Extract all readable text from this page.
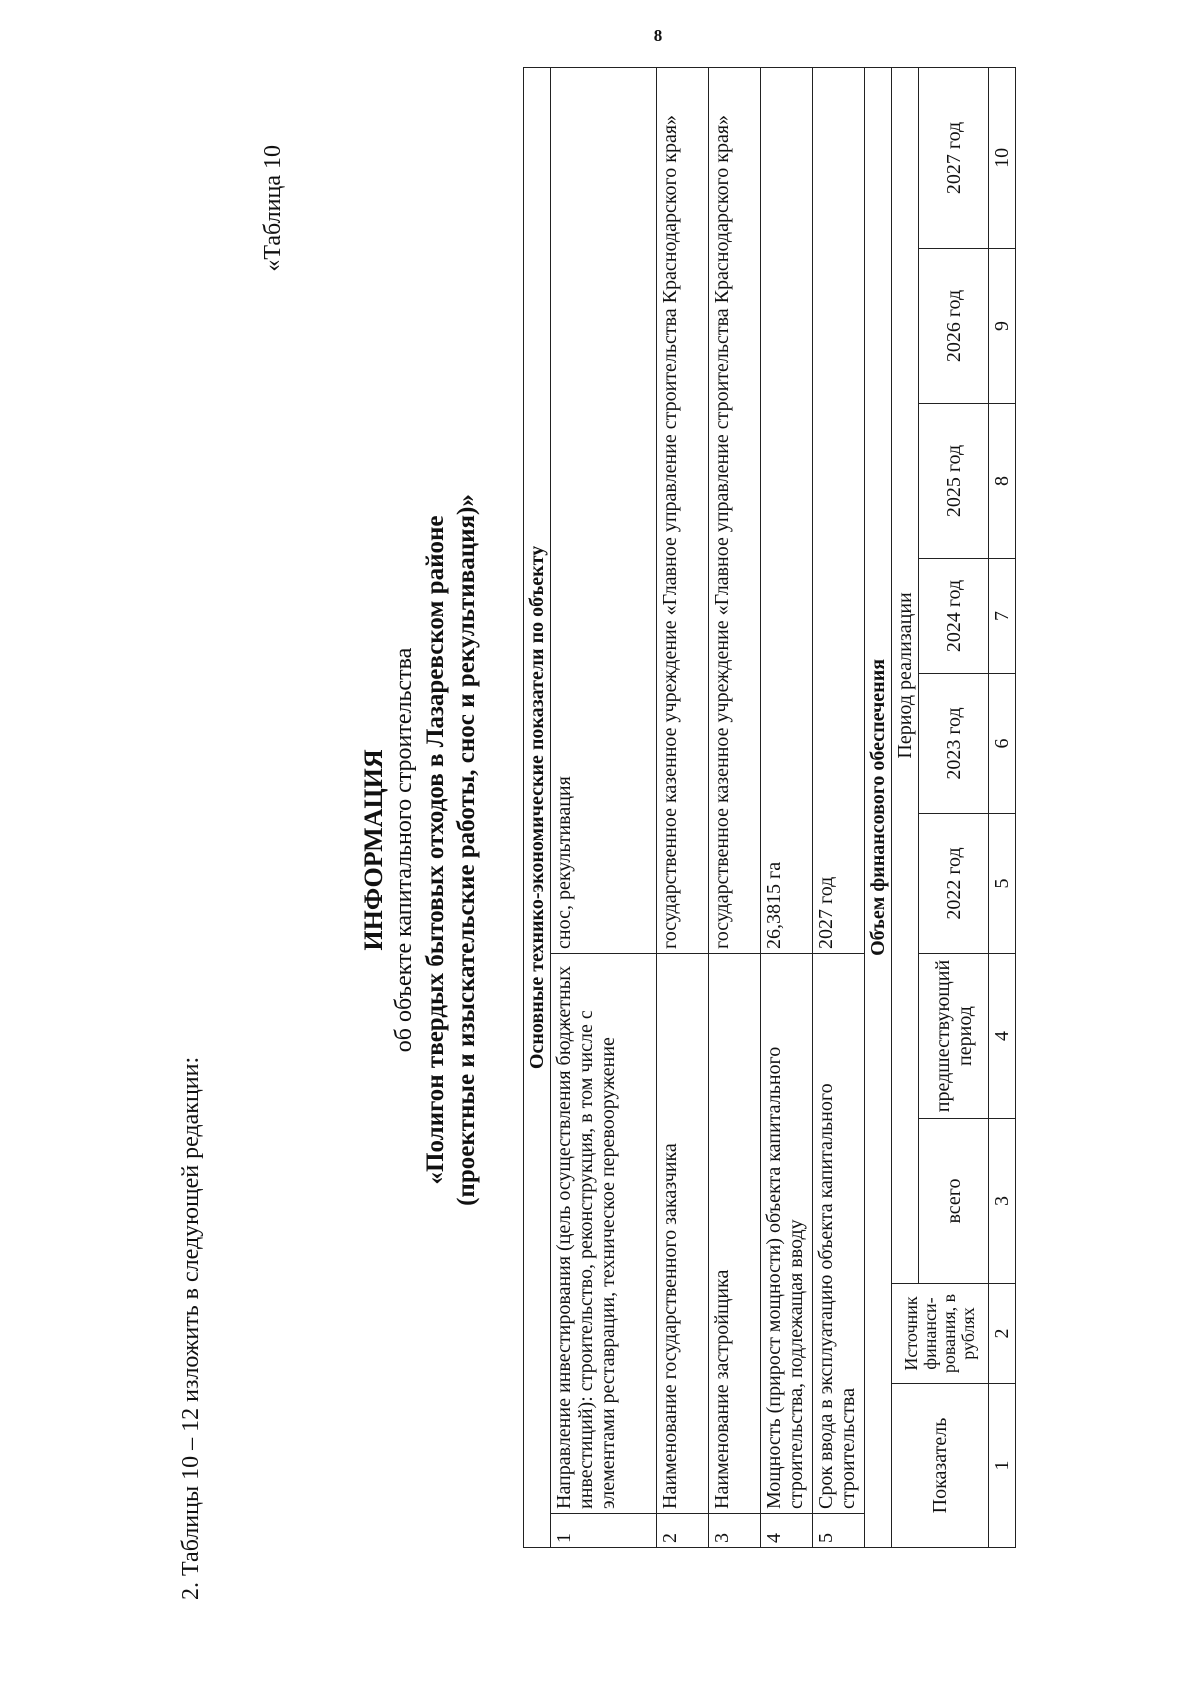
8
2. Таблицы 10 – 12 изложить в следующей редакции:
«Таблица 10
ИНФОРМАЦИЯ об объекте капитального строительства «Полигон твердых бытовых отходов в Лазаревском районе (проектные и изыскательские работы, снос и рекультивация)» Основные технико-экономические показатели по объекту										
1	Направление инвестирования (цель осуществления бюджетных инвестиций): строительство, реконструкция, в том числе с элементами реставрации, техническое перевооружение				снос, рекультивация					
2	Наименование государственного заказчика				государственное казенное учреждение «Главное управление строительства Краснодарского края»					
3	Наименование застройщика				государственное казенное учреждение «Главное управление строительства Краснодарского края»					
4	Мощность (прирост мощности) объекта капитального строительства, подлежащая вводу				26,3815 га					
5	Срок ввода в эксплуатацию объекта капитального строительства				2027 год					
Объем финансового обеспечения										
Показатель		Источник финанси-рования, в рублях	Период реализации							
			всего	предшествующий период	2022 год	2023 год	2024 год	2025 год	2026 год	2027 год
1		2	3	4	5	6	7	8	9	10
